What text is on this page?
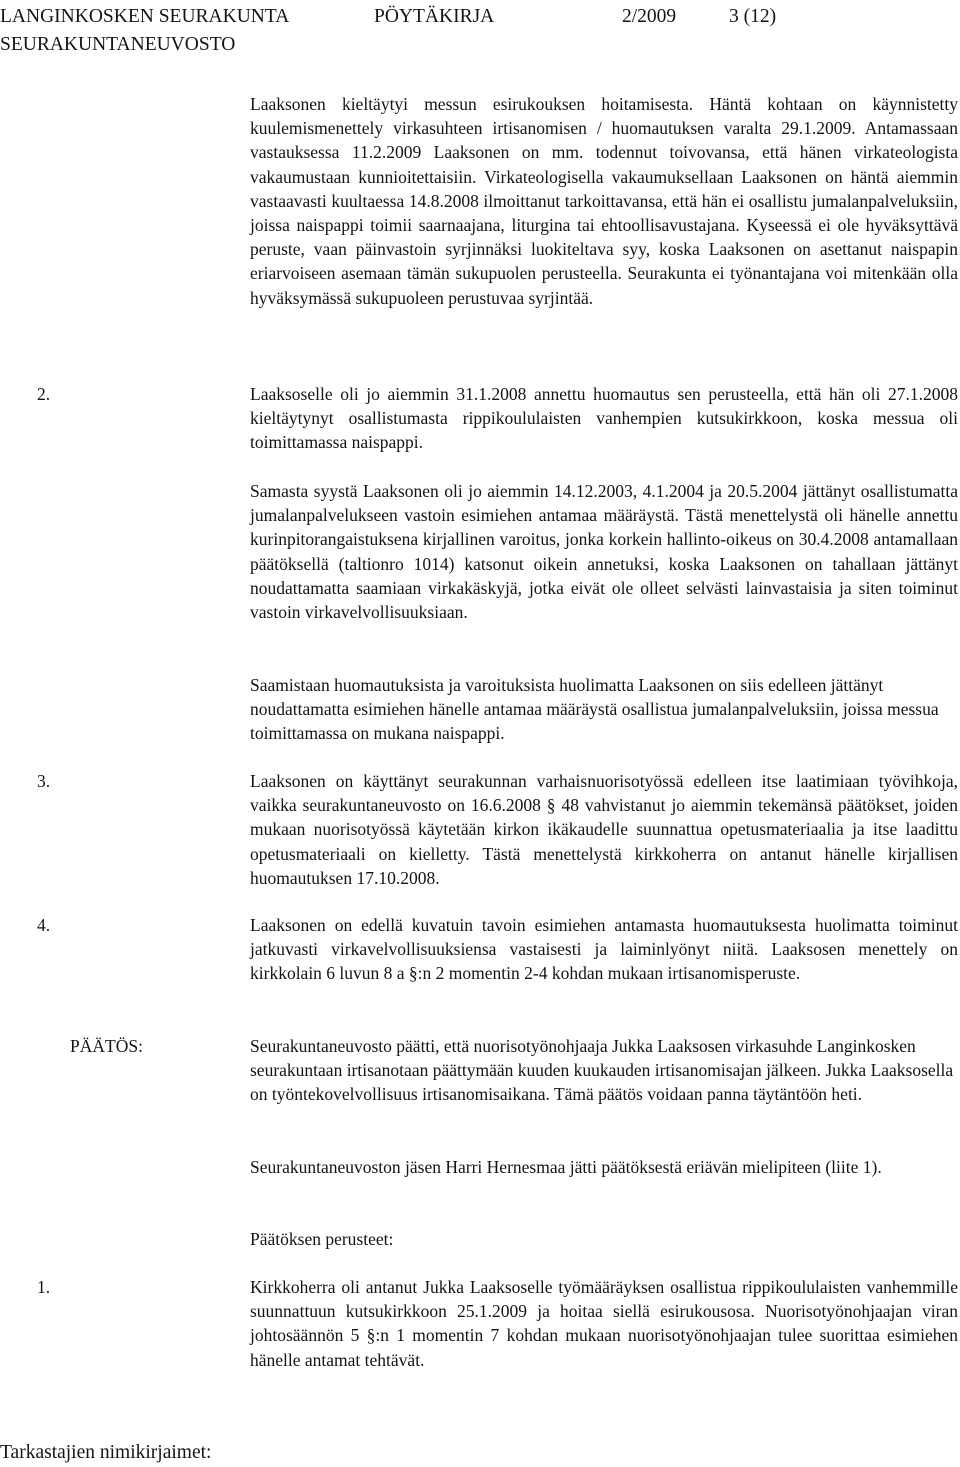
LANGINKOSKEN SEURAKUNTA	PÖYTÄKIRJA	2/2009	3 (12)
SEURAKUNTANEUVOSTO

Laaksonen kieltäytyi messun esirukouksen hoitamisesta. Häntä kohtaan on käynnistetty kuulemismenettely virkasuhteen irtisanomisen / huomautuksen varalta 29.1.2009. Antamassaan vastauksessa 11.2.2009 Laaksonen on mm. todennut toivovansa, että hänen virkateologista vakaumustaan kunnioitettaisiin. Virkateologisella vakaumuksellaan Laaksonen on häntä aiemmin vastaavasti kuultaessa 14.8.2008 ilmoittanut tarkoittavansa, että hän ei osallistu jumalanpalveluksiin, joissa naispappi toimii saarnaajana, liturgina tai ehtoollisavustajana. Kyseessä ei ole hyväksyttävä peruste, vaan päinvastoin syrjinnäksi luokiteltava syy, koska Laaksonen on asettanut naispapin eriarvoiseen asemaan tämän sukupuolen perusteella. Seurakunta ei työnantajana voi mitenkään olla hyväksymässä sukupuoleen perustuvaa syrjintää.

2.	Laaksoselle oli jo aiemmin 31.1.2008 annettu huomautus sen perusteella, että hän oli 27.1.2008 kieltäytynyt osallistumasta rippikoululaisten vanhempien kutsukirkkoon, koska messua oli toimittamassa naispappi.

Samasta syystä Laaksonen oli jo aiemmin 14.12.2003, 4.1.2004 ja 20.5.2004 jättänyt osallistumatta jumalanpalvelukseen vastoin esimiehen antamaa määräystä. Tästä menettelystä oli hänelle annettu kurinpitorangaistuksena kirjallinen varoitus, jonka korkein hallinto-oikeus on 30.4.2008 antamallaan päätöksellä (taltionro 1014) katsonut oikein annetuksi, koska Laaksonen on tahallaan jättänyt noudattamatta saamiaan virkakäskyjä, jotka eivät ole olleet selvästi lainvastaisia ja siten toiminut vastoin virkavelvollisuuksiaan.

Saamistaan huomautuksista ja varoituksista huolimatta Laaksonen on siis edelleen jättänyt noudattamatta esimiehen hänelle antamaa määräystä osallistua jumalanpalveluksiin, joissa messua toimittamassa on mukana naispappi.

3.	Laaksonen on käyttänyt seurakunnan varhaisnuorisotyössä edelleen itse laatimiaan työvihkoja, vaikka seurakuntaneuvosto on 16.6.2008 § 48 vahvistanut jo aiemmin tekemänsä päätökset, joiden mukaan nuorisotyössä käytetään kirkon ikäkaudelle suunnattua opetusmateriaalia ja itse laadittu opetusmateriaali on kielletty. Tästä menettelystä kirkkoherra on antanut hänelle kirjallisen huomautuksen 17.10.2008.

4.	Laaksonen on edellä kuvatuin tavoin esimiehen antamasta huomautuksesta huolimatta toiminut jatkuvasti virkavelvollisuuksiensa vastaisesti ja laiminlyönyt niitä. Laaksosen menettely on kirkkolain 6 luvun 8 a §:n 2 momentin 2-4 kohdan mukaan irtisanomisperuste.

PÄÄTÖS:	Seurakuntaneuvosto päätti, että nuorisotyönohjaaja Jukka Laaksosen virkasuhde Langinkosken seurakuntaan irtisanotaan päättymään kuuden kuukauden irtisanomisajan jälkeen. Jukka Laaksosella on työntekovelvollisuus irtisanomisaikana. Tämä päätös voidaan panna täytäntöön heti.

Seurakuntaneuvoston jäsen Harri Hernesmaa jätti päätöksestä eriävän mielipiteen (liite 1).

Päätöksen perusteet:

1.	Kirkkoherra oli antanut Jukka Laaksoselle työmääräyksen osallistua rippikoululaisten vanhemmille suunnattuun kutsukirkkoon 25.1.2009 ja hoitaa siellä esirukousosa. Nuorisotyönohjaajan viran johtosäännön 5 §:n 1 momentin 7 kohdan mukaan nuorisotyönohjaajan tulee suorittaa esimiehen hänelle antamat tehtävät.

Tarkastajien nimikirjaimet:
